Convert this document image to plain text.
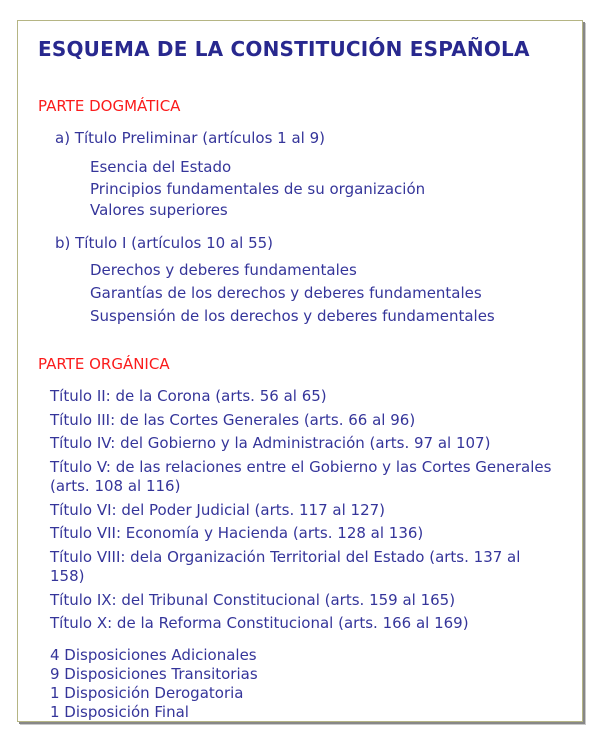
ESQUEMA DE LA CONSTITUCIÓN ESPAÑOLA
PARTE DOGMÁTICA
a) Título Preliminar (artículos 1 al 9)
Esencia del Estado
Principios fundamentales de su organización
Valores superiores
b) Título I (artículos 10 al 55)
Derechos y deberes fundamentales
Garantías de los derechos y deberes fundamentales
Suspensión de los derechos y deberes fundamentales
PARTE ORGÁNICA
Título II: de la Corona (arts. 56 al 65)
Título III: de las Cortes Generales (arts. 66 al 96)
Título IV: del Gobierno y la Administración (arts. 97 al 107)
Título V: de las relaciones entre el Gobierno y las Cortes Generales (arts. 108 al 116)
Título VI: del Poder Judicial (arts. 117 al 127)
Título VII: Economía y Hacienda (arts. 128 al 136)
Título VIII: dela Organización Territorial del Estado (arts. 137 al 158)
Título IX: del Tribunal Constitucional (arts. 159 al 165)
Título X: de la Reforma Constitucional (arts. 166 al 169)
4 Disposiciones Adicionales
9 Disposiciones Transitorias
1 Disposición Derogatoria
1 Disposición Final
